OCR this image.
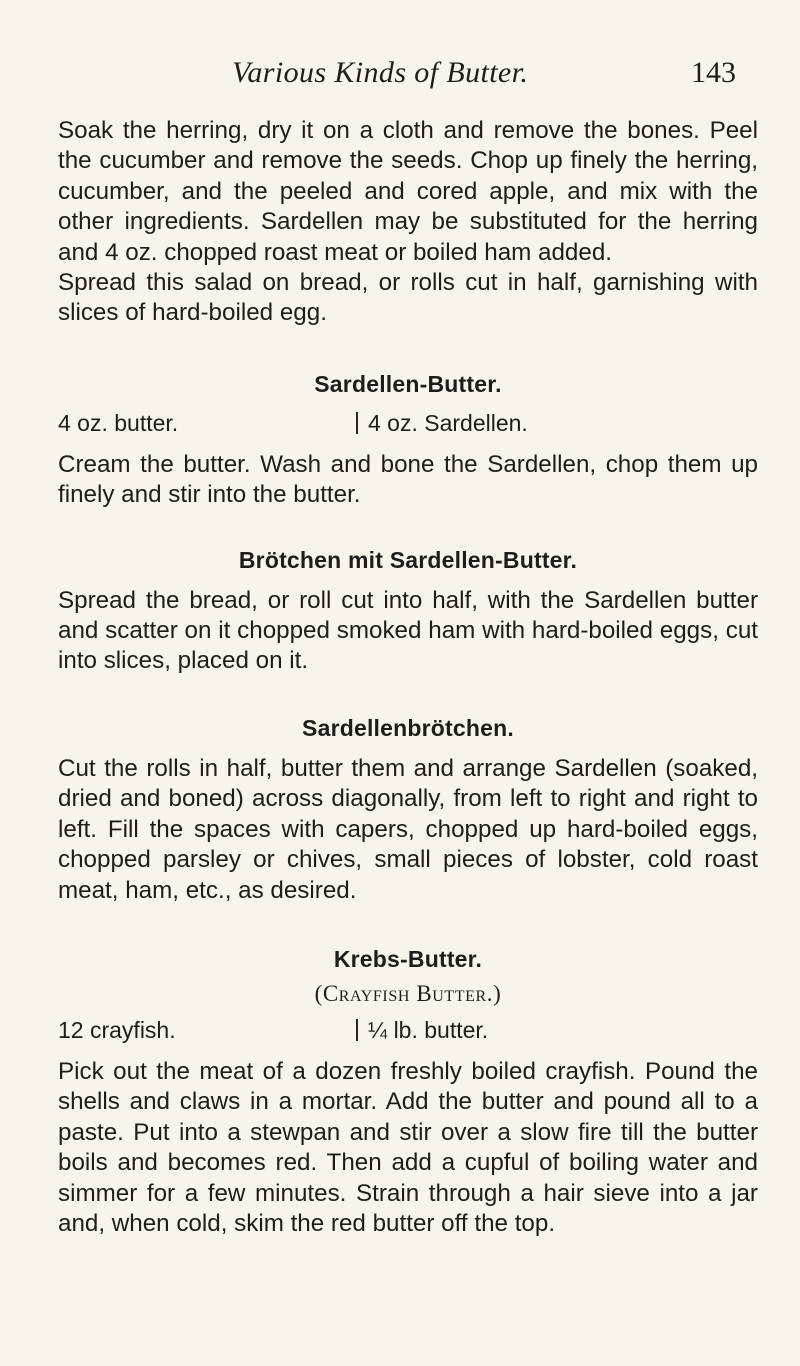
Various Kinds of Butter.	143

Soak the herring, dry it on a cloth and remove the bones. Peel the cucumber and remove the seeds. Chop up finely the herring, cucumber, and the peeled and cored apple, and mix with the other ingredients. Sardellen may be substituted for the herring and 4 oz. chopped roast meat or boiled ham added.

Spread this salad on bread, or rolls cut in half, garnishing with slices of hard-boiled egg.

Sardellen-Butter.

4 oz. butter.	4 oz. Sardellen.

Cream the butter. Wash and bone the Sardellen, chop them up finely and stir into the butter.

Brötchen mit Sardellen-Butter.

Spread the bread, or roll cut into half, with the Sardellen butter and scatter on it chopped smoked ham with hard-boiled eggs, cut into slices, placed on it.

Sardellenbrötchen.

Cut the rolls in half, butter them and arrange Sardellen (soaked, dried and boned) across diagonally, from left to right and right to left. Fill the spaces with capers, chopped up hard-boiled eggs, chopped parsley or chives, small pieces of lobster, cold roast meat, ham, etc., as desired.

Krebs-Butter.

(Crayfish Butter.)

12 crayfish.	¼ lb. butter.

Pick out the meat of a dozen freshly boiled crayfish. Pound the shells and claws in a mortar. Add the butter and pound all to a paste. Put into a stewpan and stir over a slow fire till the butter boils and becomes red. Then add a cupful of boiling water and simmer for a few minutes. Strain through a hair sieve into a jar and, when cold, skim the red butter off the top.
